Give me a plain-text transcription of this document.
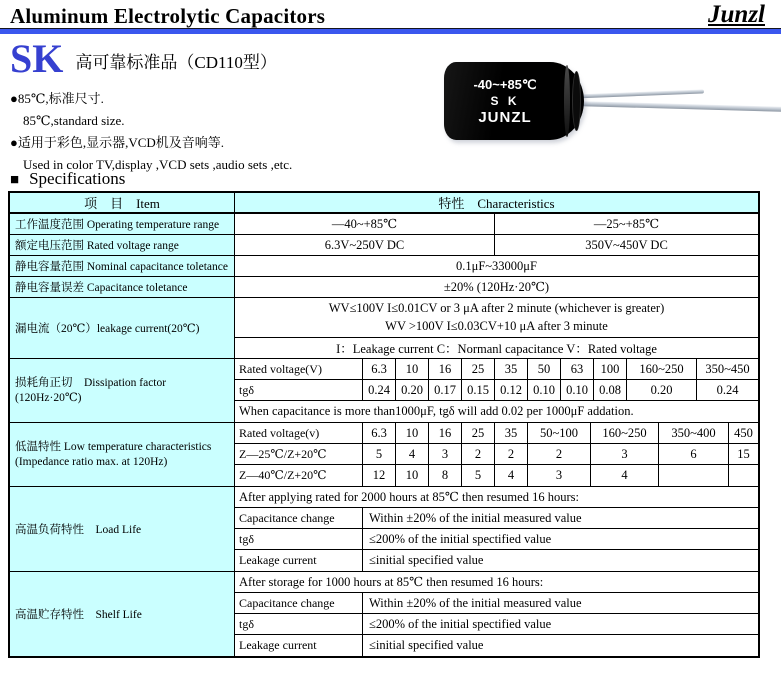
Aluminum Electrolytic Capacitors	Junzl
SK 高可靠标准品（CD110型）
●85℃,标准尺寸.
85℃,standard size.
●适用于彩色,显示器,VCD机及音响等.
Used in color TV,display ,VCD sets ,audio sets ,etc.
-40~+85℃
S K
JUNZL
■ Specifications
项　目　Item	特性　Characteristics
工作温度范围 Operating temperature range	—40~+85℃	—25~+85℃
额定电压范围 Rated voltage range	6.3V~250V DC	350V~450V DC
静电容量范围 Nominal capacitance toletance	0.1μF~33000μF
静电容量误差 Capacitance toletance	±20% (120Hz·20℃)
漏电流（20℃）leakage current(20℃)
WV≤100V I≤0.01CV or 3 μA after 2 minute (whichever is greater)
WV >100V I≤0.03CV+10 μA after 3 minute
I：Leakage current C：Normanl capacitance V：Rated voltage
损耗角正切　Dissipation factor
(120Hz·20℃)
Rated voltage(V)	6.3	10	16	25	35	50	63	100	160~250	350~450
tgδ	0.24 0.20 0.17 0.15 0.12 0.10 0.10 0.08	0.20	0.24
When capacitance is more than1000μF, tgδ will add 0.02 per 1000μF addation.
低温特性 Low temperature characteristics
(Impedance ratio max. at 120Hz)
Rated voltage(v)	6.3	10	16	25	35	50~100	160~250	350~400	450
Z—25℃/Z+20℃	5	4	3	2	2	2	3	6	15
Z—40℃/Z+20℃	12	10	8	5	4	3	4
高温负荷特性　Load Life
After applying rated for 2000 hours at 85℃ then resumed 16 hours:
Capacitance change	Within ±20% of the initial measured value
tgδ	≤200% of the initial spectified value
Leakage current	≤initial specified value
高温贮存特性　Shelf Life
After storage for 1000 hours at 85℃ then resumed 16 hours:
Capacitance change	Within ±20% of the initial measured value
tgδ	≤200% of the initial spectified value
Leakage current	≤initial specified value
